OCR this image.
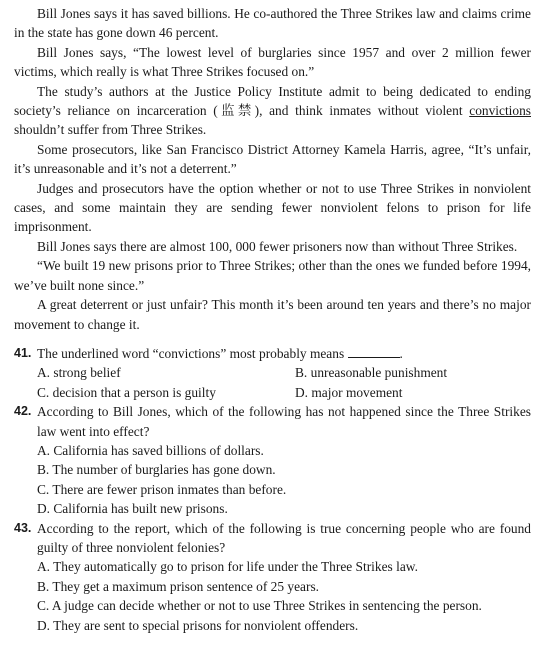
Bill Jones says it has saved billions. He co-authored the Three Strikes law and claims crime in the state has gone down 46 percent.

Bill Jones says, “The lowest level of burglaries since 1957 and over 2 million fewer victims, which really is what Three Strikes focused on.”

The study’s authors at the Justice Policy Institute admit to being dedicated to ending society’s reliance on incarceration (监禁), and think inmates without violent convictions shouldn’t suffer from Three Strikes.

Some prosecutors, like San Francisco District Attorney Kamela Harris, agree, “It’s unfair, it’s unreasonable and it’s not a deterrent.”

Judges and prosecutors have the option whether or not to use Three Strikes in nonviolent cases, and some maintain they are sending fewer nonviolent felons to prison for life imprisonment.

Bill Jones says there are almost 100, 000 fewer prisoners now than without Three Strikes.

“We built 19 new prisons prior to Three Strikes; other than the ones we funded before 1994, we’ve built none since.”

A great deterrent or just unfair? This month it’s been around ten years and there’s no major movement to change it.

41. The underlined word “convictions” most probably means	.

A. strong belief	B. unreasonable punishment
C. decision that a person is guilty	D. major movement

42. According to Bill Jones, which of the following has not happened since the Three Strikes law went into effect?

A. California has saved billions of dollars.
B. The number of burglaries has gone down.
C. There are fewer prison inmates than before.
D. California has built new prisons.

43. According to the report, which of the following is true concerning people who are found guilty of three nonviolent felonies?

A. They automatically go to prison for life under the Three Strikes law.
B. They get a maximum prison sentence of 25 years.
C. A judge can decide whether or not to use Three Strikes in sentencing the person.
D. They are sent to special prisons for nonviolent offenders.
